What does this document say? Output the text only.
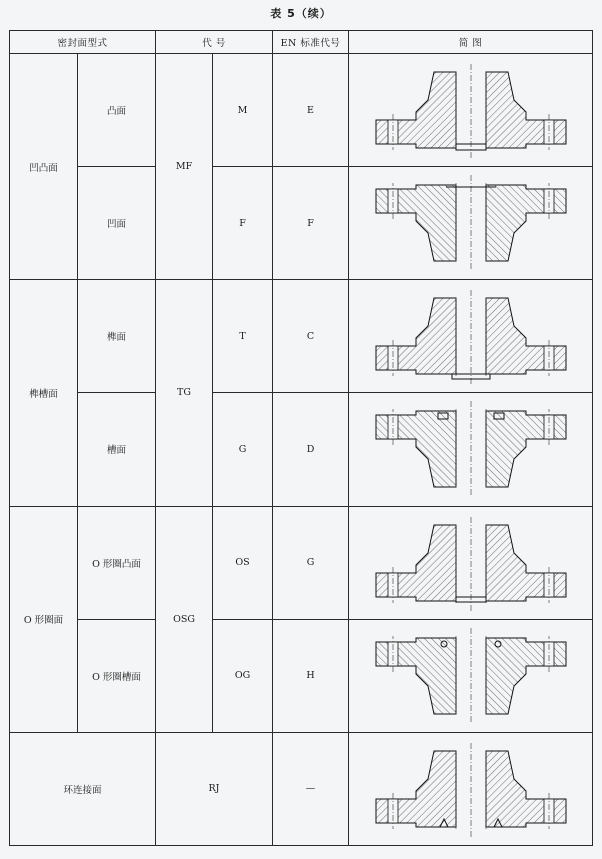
表 5（续）
密封面型式		代 号		EN 标准代号	简 图
凹凸面	凸面	MF	M	E	

	凹面		F	F	

榫槽面	榫面	TG	T	C	

	槽面		G	D	

O 形圈面	O 形圈凸面	OSG	OS	G	

	O 形圈槽面		OG	H	

环连接面		RJ		—	
